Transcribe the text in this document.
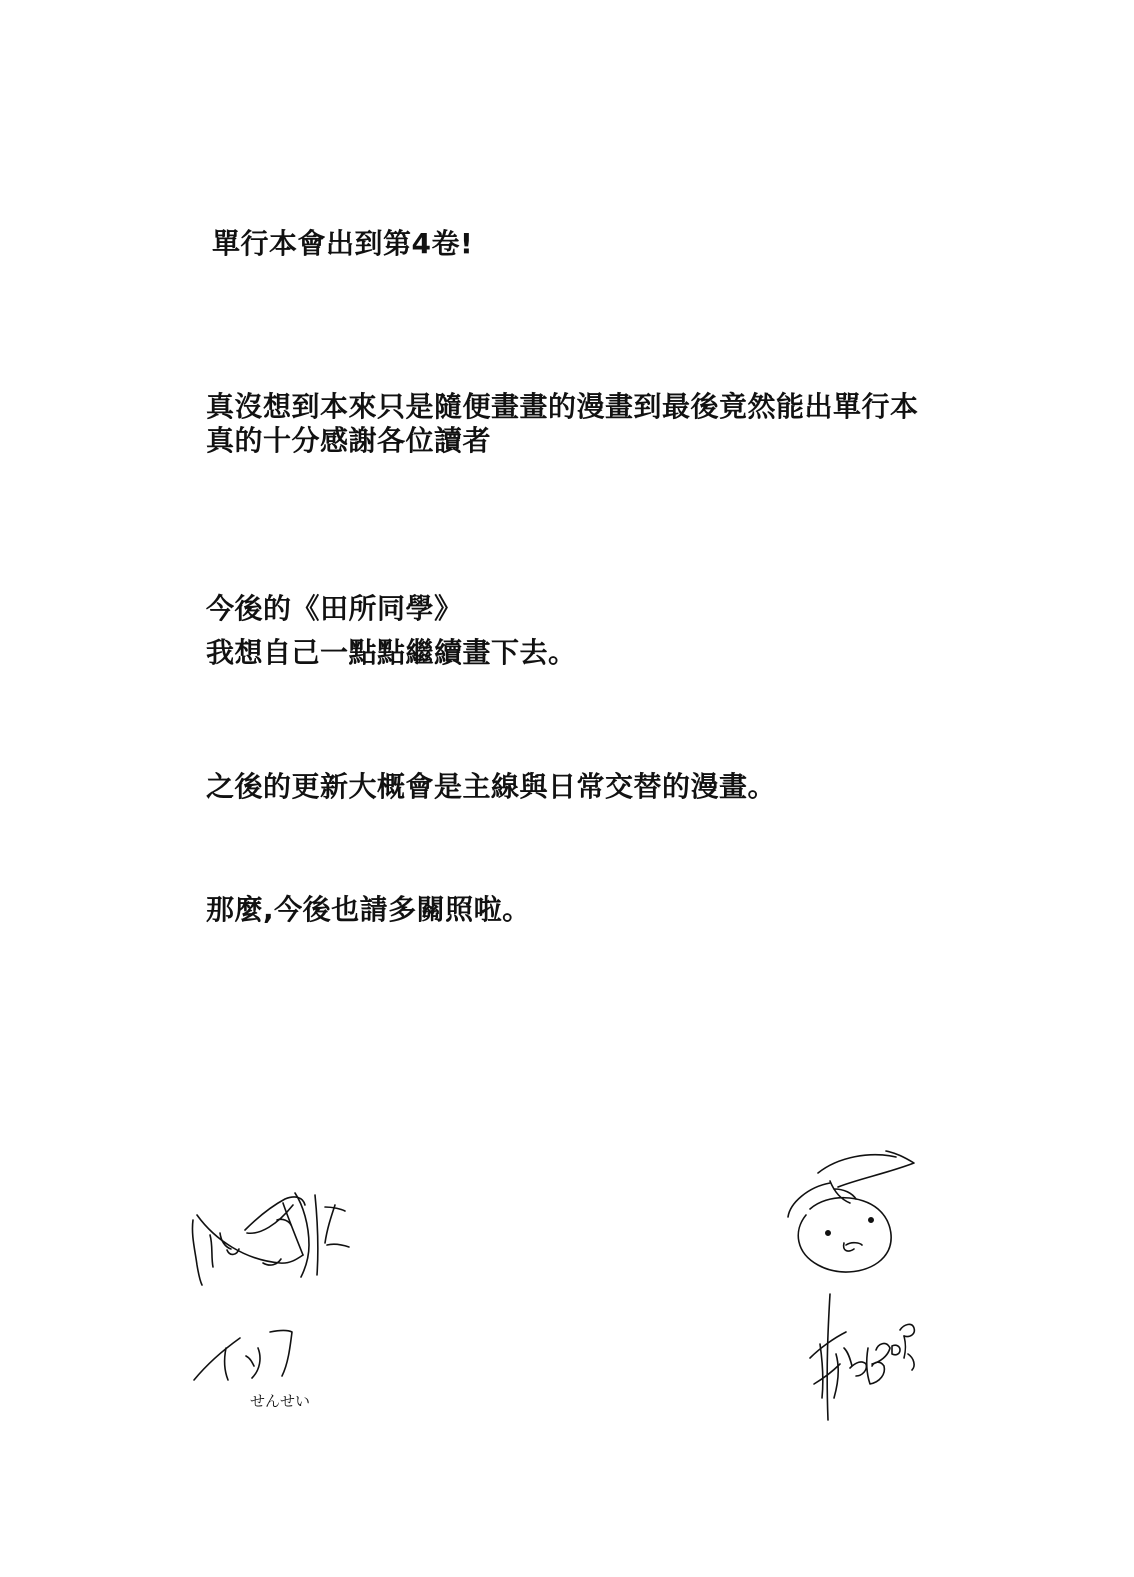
單行本會出到第4卷!
真沒想到本來只是隨便畫畫的漫畫到最後竟然能出單行本
真的十分感謝各位讀者
今後的《田所同學》
我想自己一點點繼續畫下去。
之後的更新大概會是主線與日常交替的漫畫。
那麼,今後也請多關照啦。
せんせい
